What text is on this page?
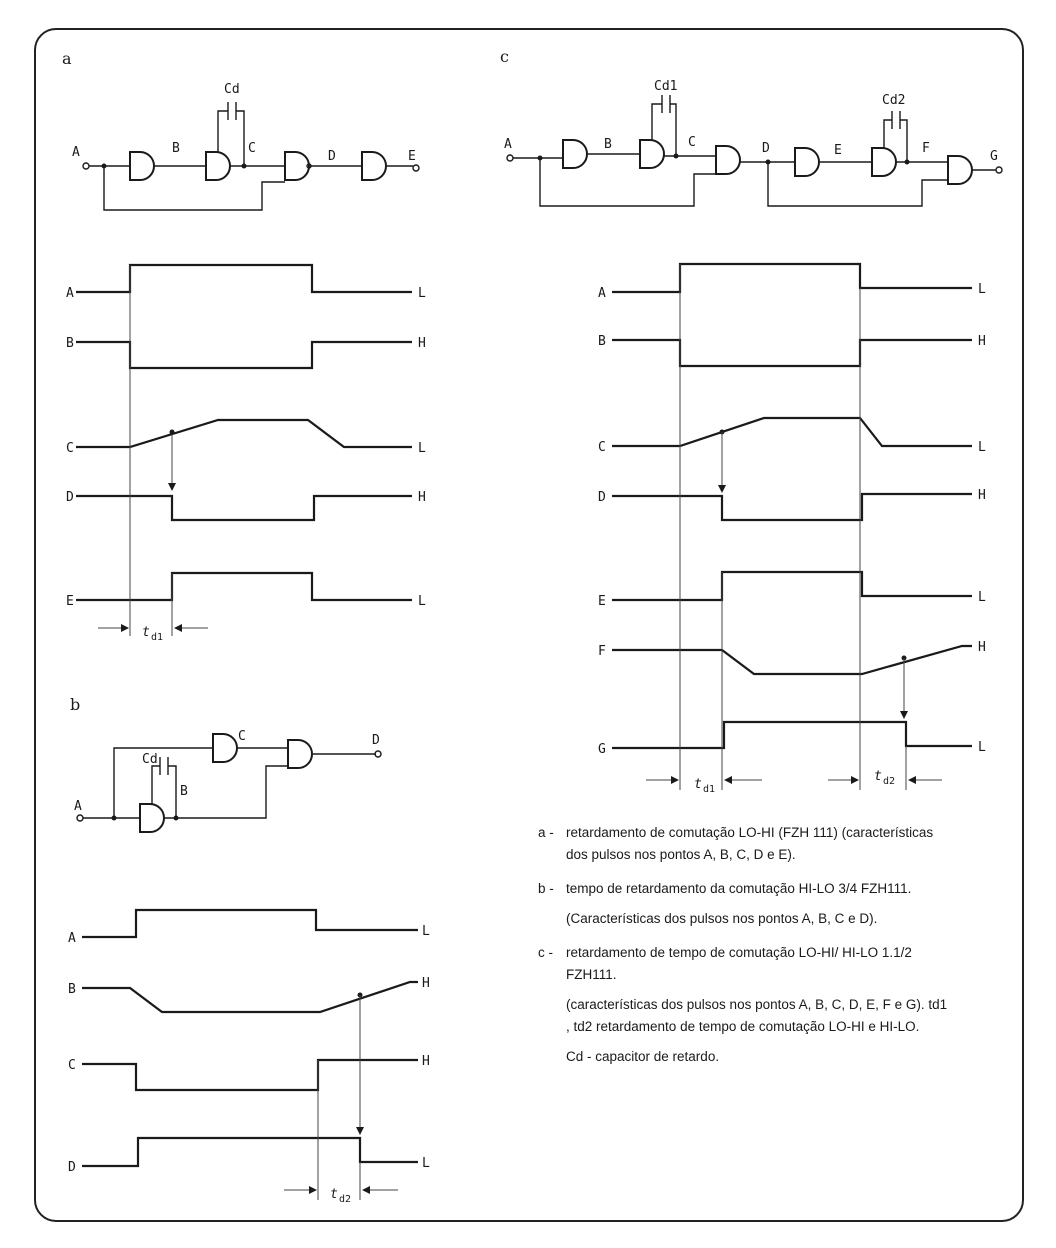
a
A	B
Cd
C
D	E
A	L
B	H
C	L
D	H
E	L
t d1
b
A
Cd
B
C	D
A	L
B	H
C	H
D	L
t d2
c
A	B
Cd1
C	D	E
Cd2
F
G
A	L
B	H
C	L
D	H
E	L
F	H
G	L
t d1
t d2
a - retardamento de comutação LO-HI (FZH 111) (características dos pulsos nos pontos A, B, C, D e E).

b - tempo de retardamento da comutação HI-LO 3/4 FZH111.

(Características dos pulsos nos pontos A, B, C e D).

c - retardamento de tempo de comutação LO-HI/ HI-LO 1.1/2 FZH111.

(características dos pulsos nos pontos A, B, C, D, E, F e G). td1 , td2 retardamento de tempo de comutação LO-HI e HI-LO.

Cd - capacitor de retardo.
